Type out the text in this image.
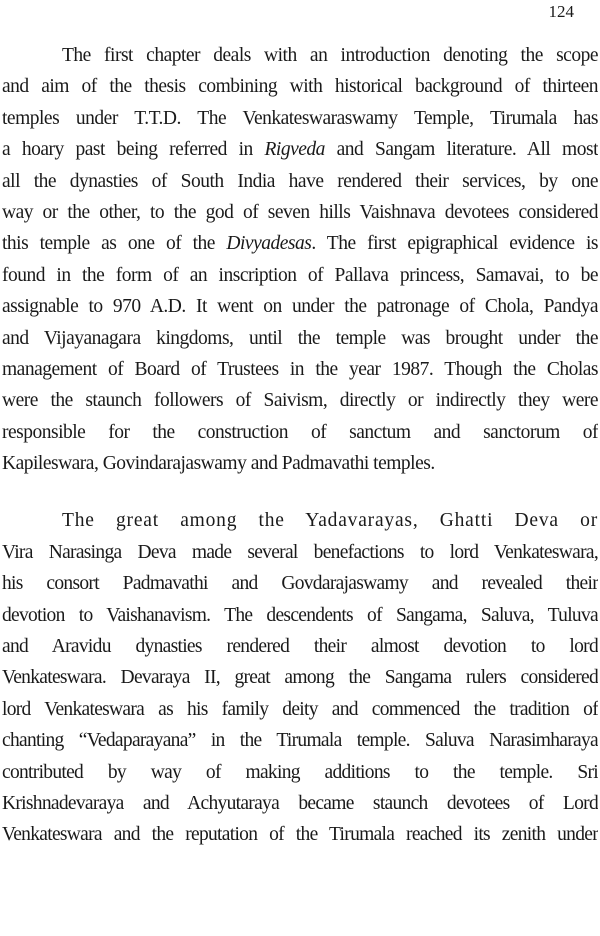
124
The first chapter deals with an introduction denoting the scope
and aim of the thesis combining with historical background of thirteen
temples under T.T.D. The Venkateswaraswamy Temple, Tirumala has
a hoary past being referred in Rigveda and Sangam literature. All most
all the dynasties of South India have rendered their services, by one
way or the other, to the god of seven hills Vaishnava devotees considered
this temple as one of the Divyadesas. The first epigraphical evidence is
found in the form of an inscription of Pallava princess, Samavai, to be
assignable to 970 A.D. It went on under the patronage of Chola, Pandya
and Vijayanagara kingdoms, until the temple was brought under the
management of Board of Trustees in the year 1987. Though the Cholas
were the staunch followers of Saivism, directly or indirectly they were
responsible for the construction of sanctum and sanctorum of
Kapileswara, Govindarajaswamy and Padmavathi temples.
The great among the Yadavarayas, Ghatti Deva or
Vira Narasinga Deva made several benefactions to lord Venkateswara,
his consort Padmavathi and Govdarajaswamy and revealed their
devotion to Vaishanavism. The descendents of Sangama, Saluva, Tuluva
and Aravidu dynasties rendered their almost devotion to lord
Venkateswara. Devaraya II, great among the Sangama rulers considered
lord Venkateswara as his family deity and commenced the tradition of
chanting “Vedaparayana” in the Tirumala temple. Saluva Narasimharaya
contributed by way of making additions to the temple. Sri
Krishnadevaraya and Achyutaraya became staunch devotees of Lord
Venkateswara and the reputation of the Tirumala reached its zenith under
